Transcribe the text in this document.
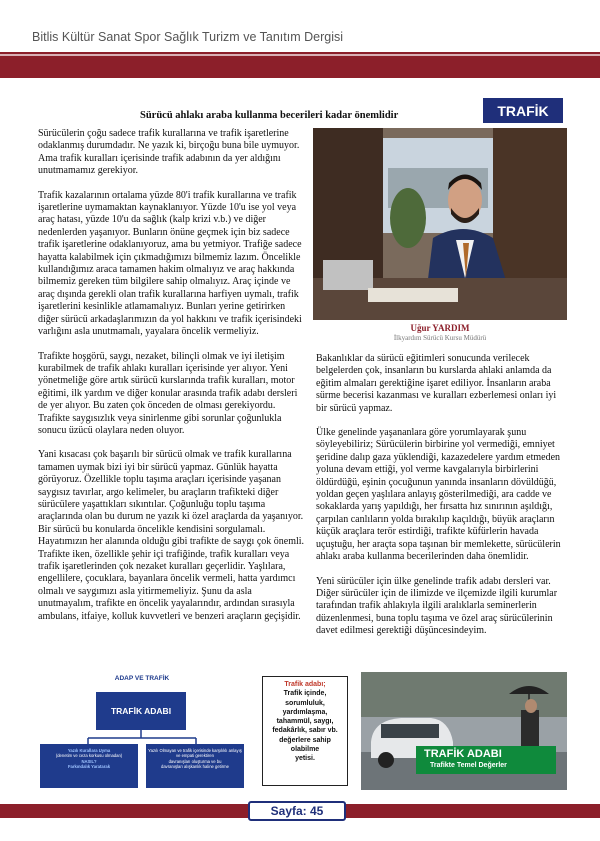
Bitlis Kültür Sanat Spor Sağlık Turizm ve Tanıtım Dergisi
Sürücü ahlakı araba kullanma becerileri kadar önemlidir	TRAFİK

Sürücülerin çoğu sadece trafik kurallarına ve trafik işaretlerine odaklanmış durumdadır. Ne yazık ki, birçoğu buna bile uymuyor. Ama trafik kuralları içerisinde trafik adabının da yer aldığını unutmamamız gerekiyor.

Trafik kazalarının ortalama yüzde 80'i trafik kurallarına ve trafik işaretlerine uymamaktan kaynaklanıyor. Yüzde 10'u ise yol veya araç hatası, yüzde 10'u da sağlık (kalp krizi v.b.) ve diğer nedenlerden yaşanıyor. Bunların önüne geçmek için biz sadece trafik işaretlerine odaklanıyoruz, ama bu yetmiyor. Trafiğe sadece hayatta kalabilmek için çıkmadığımızı bilmemiz lazım. Öncelikle kullandığımız araca tamamen hakim olmalıyız ve araç hakkında bilmemiz gereken tüm bilgilere sahip olmalıyız. Araç içinde ve araç dışında gerekli olan trafik kurallarına harfiyen uymalı, trafik işaretlerini kesinlikle atlamamalıyız. Bunları yerine getirirken diğer sürücü arkadaşlarımızın da yol hakkını ve trafik içerisindeki varlığını asla unutmamalı, yayalara öncelik vermeliyiz.

Trafikte hoşgörü, saygı, nezaket, bilinçli olmak ve iyi iletişim kurabilmek de trafik ahlakı kuralları içerisinde yer alıyor. Yeni yönetmeliğe göre artık sürücü kurslarında trafik kuralları, motor eğitimi, ilk yardım ve diğer konular arasında trafik adabı dersleri de yer alıyor. Bu zaten çok önceden de olması gerekiyordu. Trafikte saygısızlık veya sinirlenme gibi sorunlar çoğunlukla sonucu üzücü olaylara neden oluyor.

Yani kısacası çok başarılı bir sürücü olmak ve trafik kurallarına tamamen uymak bizi iyi bir sürücü yapmaz. Günlük hayatta görüyoruz. Özellikle toplu taşıma araçları içerisinde yaşanan saygısız tavırlar, argo kelimeler, bu araçların trafikteki diğer sürücülere yaşattıkları sıkıntılar. Çoğunluğu toplu taşıma araçlarında olan bu durum ne yazık ki özel araçlarda da yaşanıyor. Bir sürücü bu konularda öncelikle kendisini sorgulamalı. Hayatımızın her alanında olduğu gibi trafikte de saygı çok önemli. Trafikte iken, özellikle şehir içi trafiğinde, trafik kuralları veya trafik işaretlerinden çok nezaket kuralları geçerlidir. Yaşlılara, engellilere, çocuklara, bayanlara öncelik vermeli, hatta yardımcı olmalı ve saygımızı asla yitirmemeliyiz. Şunu da asla unutmayalım, trafikte en öncelik yayalarındır, ardından sırasıyla ambulans, itfaiye, kolluk kuvvetleri ve benzeri araçların geçişidir.

Uğur YARDIM
İlkyardım Sürücü Kursu Müdürü

Bakanlıklar da sürücü eğitimleri sonucunda verilecek belgelerden çok, insanların bu kurslarda ahlaki anlamda da eğitim almaları gerektiğine işaret ediliyor. İnsanların araba sürme becerisi kazanması ve kuralları ezberlemesi onları iyi bir sürücü yapmaz.

Ülke genelinde yaşananlara göre yorumlayarak şunu söyleyebiliriz; Sürücülerin birbirine yol vermediği, emniyet şeridine dalıp gaza yüklendiği, kazazedelere yardım etmeden yoluna devam ettiği, yol verme kavgalarıyla birbirlerini öldürdüğü, eşinin çocuğunun yanında insanların dövüldüğü, yoldan geçen yaşlılara anlayış gösterilmediği, ara cadde ve sokaklarda yarış yapıldığı, her fırsatta hız sınırının aşıldığı, çarpılan canlıların yolda bırakılıp kaçıldığı, büyük araçların küçük araçlara terör estirdiği, trafikte küfürlerin havada uçuştuğu, her araçta sopa taşınan bir memlekette, sürücülerin ahlakı araba kullanma becerilerinden daha önemlidir.

Yeni sürücüler için ülke genelinde trafik adabı dersleri var. Diğer sürücüler için de ilimizde ve ilçemizde ilgili kurumlar tarafından trafik ahlakıyla ilgili aralıklarla seminerlerin düzenlenmesi, buna toplu taşıma ve özel araç sürücülerinin davet edilmesi gerektiği düşüncesindeyim.

ADAP VE TRAFİK
TRAFİK ADABI
Yazılı Kurallara Uyma
(denetim ve ceza korkusu olmadan)
NASIL?
Farkındalık Yaratarak
Yazılı Olmayan ve trafik içerisinde karşılıklı anlayış ve empati gerektiren
davranışları oluşturma ve bu
davranışları alışkanlık haline getirme
Trafik adabı;
Trafik içinde,
sorumluluk,
yardımlaşma,
tahammül, saygı,
fedakârlık, sabır vb.
değerlere sahip olabilme
yetisi.	TRAFİK ADABI
Trafikte Temel Değerler
Sayfa: 45
